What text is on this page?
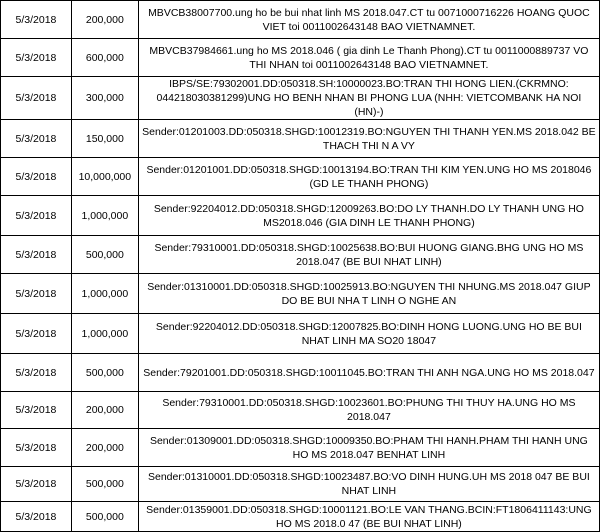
5/3/2018	200,000	MBVCB38007700.ung ho be bui nhat linh MS 2018.047.CT tu 0071000716226 HOANG QUOC VIET toi 0011002643148 BAO VIETNAMNET.
5/3/2018	600,000	MBVCB37984661.ung ho MS 2018.046 ( gia dinh Le Thanh Phong).CT tu 0011000889737 VO THI NHAN toi 0011002643148 BAO VIETNAMNET.
5/3/2018	300,000	IBPS/SE:79302001.DD:050318.SH:10000023.BO:TRAN THI HONG LIEN.(CKRMNO: 044218030381299)UNG HO BENH NHAN BI PHONG LUA (NHH: VIETCOMBANK HA NOI (HN)-)
5/3/2018	150,000	Sender:01201003.DD:050318.SHGD:10012319.BO:NGUYEN THI THANH YEN.MS 2018.042 BE THACH THI N A VY
5/3/2018	10,000,000	Sender:01201001.DD:050318.SHGD:10013194.BO:TRAN THI KIM YEN.UNG HO MS 2018046 (GD LE THANH PHONG)
5/3/2018	1,000,000	Sender:92204012.DD:050318.SHGD:12009263.BO:DO LY THANH.DO LY THANH UNG HO MS2018.046 (GIA DINH LE THANH PHONG)
5/3/2018	500,000	Sender:79310001.DD:050318.SHGD:10025638.BO:BUI HUONG GIANG.BHG UNG HO MS 2018.047 (BE BUI NHAT LINH)
5/3/2018	1,000,000	Sender:01310001.DD:050318.SHGD:10025913.BO:NGUYEN THI NHUNG.MS 2018.047 GIUP DO BE BUI NHA T LINH O NGHE AN
5/3/2018	1,000,000	Sender:92204012.DD:050318.SHGD:12007825.BO:DINH HONG LUONG.UNG HO BE BUI NHAT LINH MA SO20 18047
5/3/2018	500,000	Sender:79201001.DD:050318.SHGD:10011045.BO:TRAN THI ANH NGA.UNG HO MS 2018.047
5/3/2018	200,000	Sender:79310001.DD:050318.SHGD:10023601.BO:PHUNG THI THUY HA.UNG HO MS 2018.047
5/3/2018	200,000	Sender:01309001.DD:050318.SHGD:10009350.BO:PHAM THI HANH.PHAM THI HANH UNG HO MS 2018.047 BENHAT LINH
5/3/2018	500,000	Sender:01310001.DD:050318.SHGD:10023487.BO:VO DINH HUNG.UH MS 2018 047 BE BUI NHAT LINH
5/3/2018	500,000	Sender:01359001.DD:050318.SHGD:10001121.BO:LE VAN THANG.BCIN:FT1806411143:UNG HO MS 2018.0 47 (BE BUI NHAT LINH)
